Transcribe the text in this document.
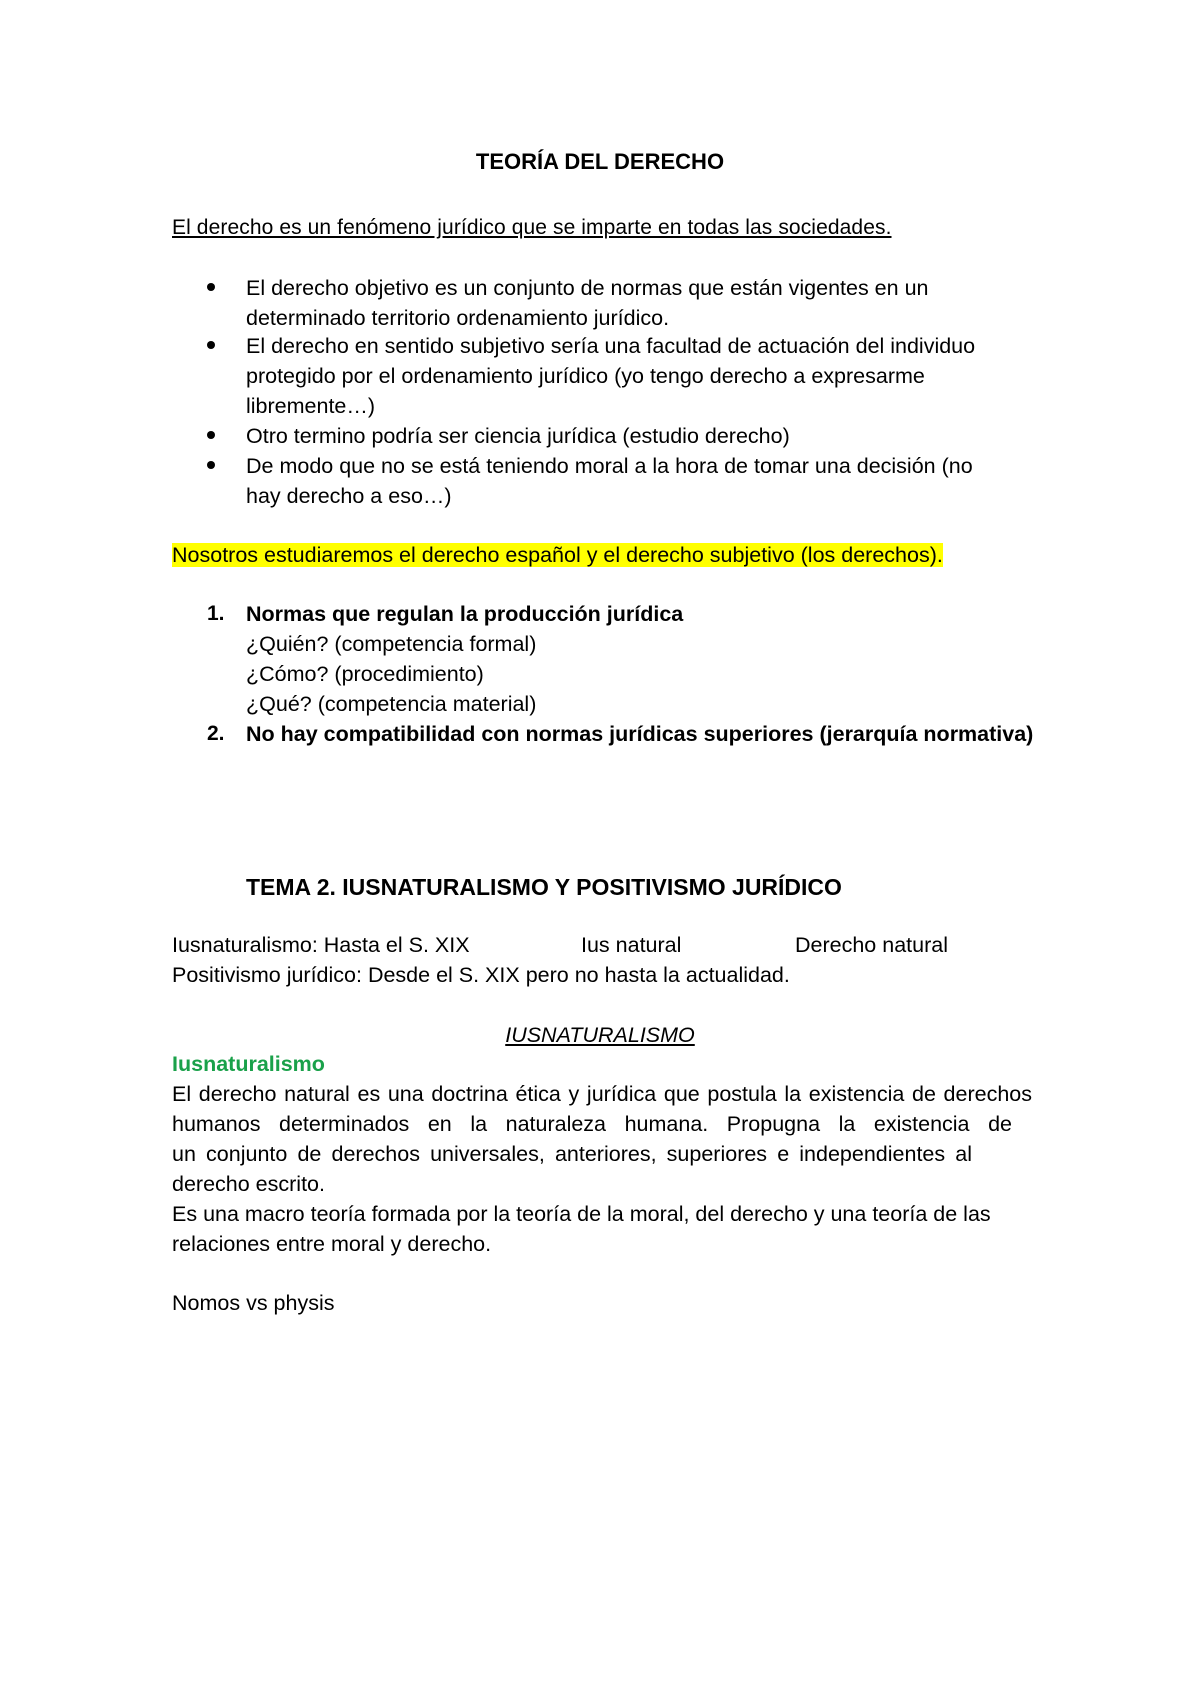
TEORÍA DEL DERECHO
El derecho es un fenómeno jurídico que se imparte en todas las sociedades.
El derecho objetivo es un conjunto de normas que están vigentes en un
determinado territorio ordenamiento jurídico.
El derecho en sentido subjetivo sería una facultad de actuación del individuo
protegido por el ordenamiento jurídico (yo tengo derecho a expresarme
libremente…)
Otro termino podría ser ciencia jurídica (estudio derecho)
De modo que no se está teniendo moral a la hora de tomar una decisión (no
hay derecho a eso…)
Nosotros estudiaremos el derecho español y el derecho subjetivo (los derechos).
1. Normas que regulan la producción jurídica
¿Quién? (competencia formal)
¿Cómo? (procedimiento)
¿Qué? (competencia material)
2. No hay compatibilidad con normas jurídicas superiores (jerarquía normativa)
TEMA 2. IUSNATURALISMO Y POSITIVISMO JURÍDICO
Iusnaturalismo: Hasta el S. XIX	Ius natural	Derecho natural
Positivismo jurídico: Desde el S. XIX pero no hasta la actualidad.
IUSNATURALISMO
Iusnaturalismo
El derecho natural es una doctrina ética y jurídica que postula la existencia de derechos
humanos determinados en la naturaleza humana. Propugna la existencia de
un conjunto de derechos universales, anteriores, superiores e independientes al
derecho escrito.
Es una macro teoría formada por la teoría de la moral, del derecho y una teoría de las
relaciones entre moral y derecho.
Nomos vs physis
